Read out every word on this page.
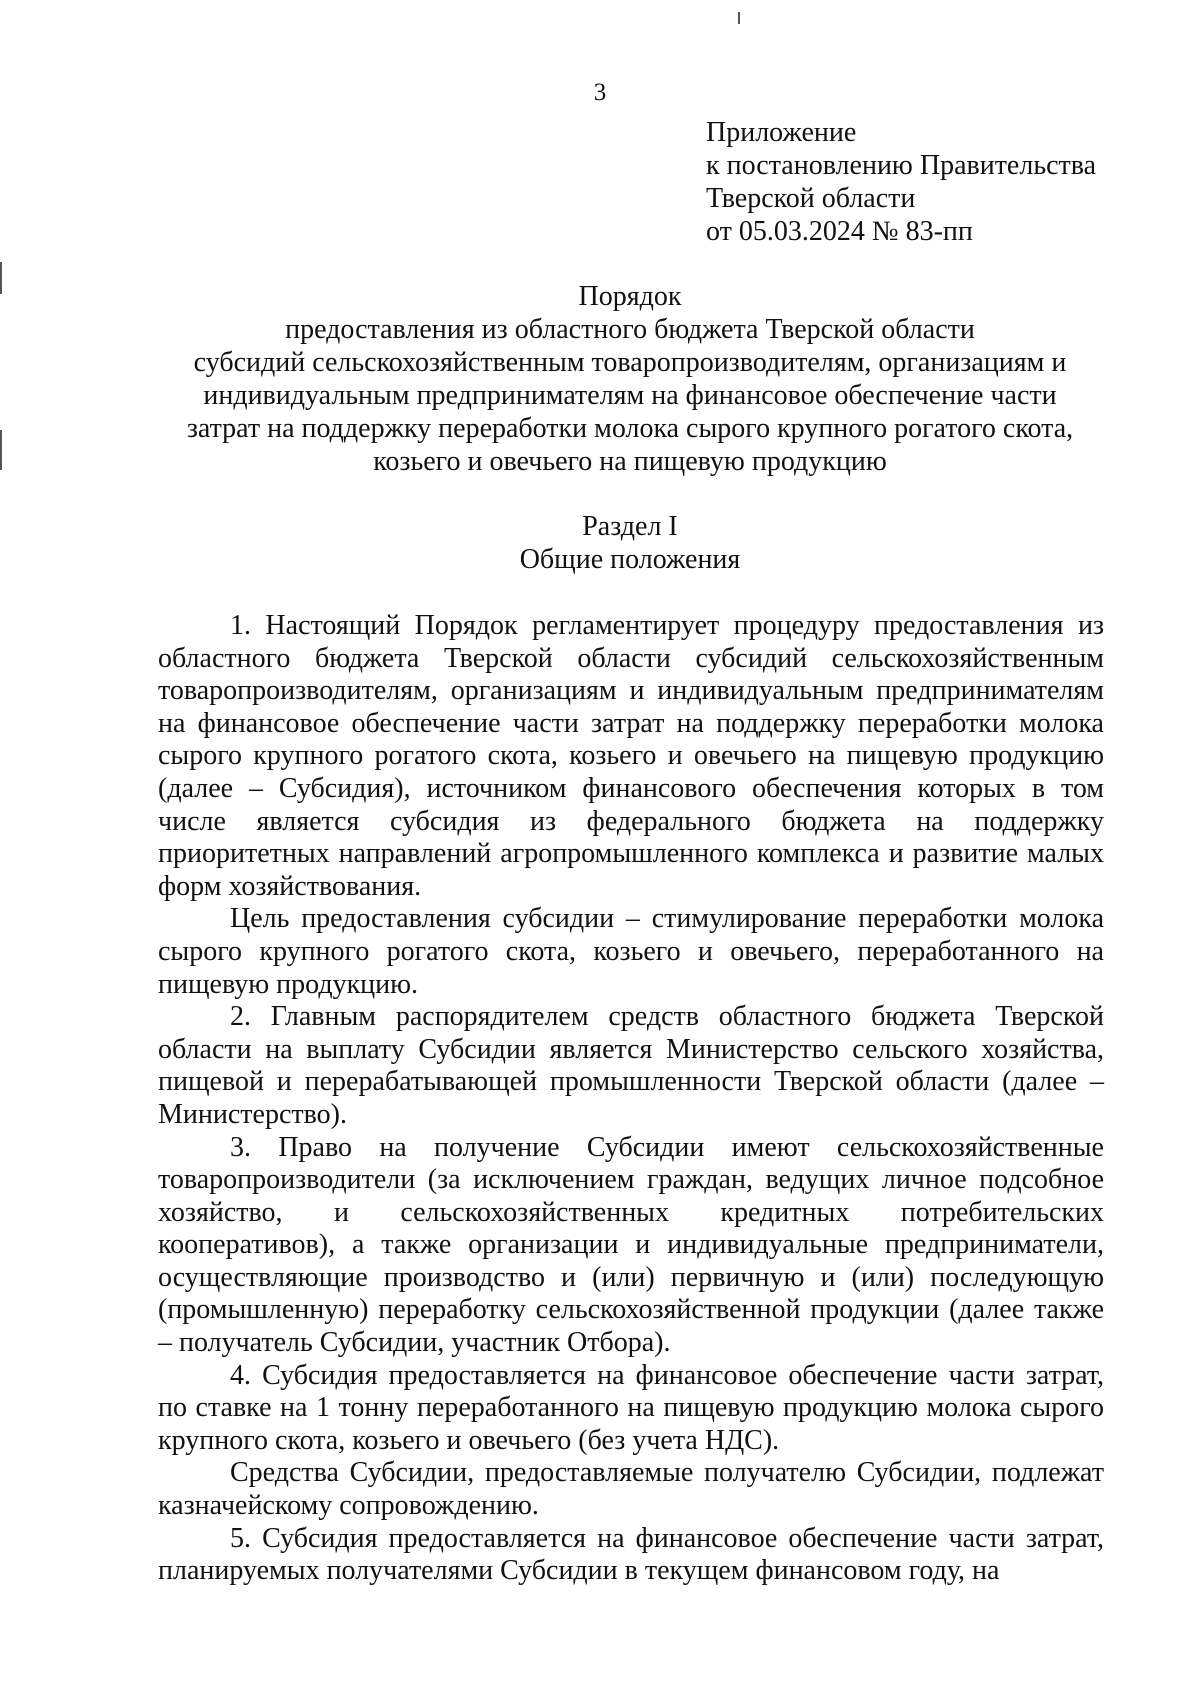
3
Приложение
к постановлению Правительства
Тверской области
от 05.03.2024 № 83-пп
Порядок
предоставления из областного бюджета Тверской области
субсидий сельскохозяйственным товаропроизводителям, организациям и
индивидуальным предпринимателям на финансовое обеспечение части
затрат на поддержку переработки молока сырого крупного рогатого скота,
козьего и овечьего на пищевую продукцию
Раздел I
Общие положения

1. Настоящий Порядок регламентирует процедуру предоставления из областного бюджета Тверской области субсидий сельскохозяйственным товаропроизводителям, организациям и индивидуальным предпринимателям на финансовое обеспечение части затрат на поддержку переработки молока сырого крупного рогатого скота, козьего и овечьего на пищевую продукцию (далее – Субсидия), источником финансового обеспечения которых в том числе является субсидия из федерального бюджета на поддержку приоритетных направлений агропромышленного комплекса и развитие малых форм хозяйствования.

Цель предоставления субсидии – стимулирование переработки молока сырого крупного рогатого скота, козьего и овечьего, переработанного на пищевую продукцию.

2. Главным распорядителем средств областного бюджета Тверской области на выплату Субсидии является Министерство сельского хозяйства, пищевой и перерабатывающей промышленности Тверской области (далее – Министерство).

3. Право на получение Субсидии имеют сельскохозяйственные товаропроизводители (за исключением граждан, ведущих личное подсобное хозяйство, и сельскохозяйственных кредитных потребительских кооперативов), а также организации и индивидуальные предприниматели, осуществляющие производство и (или) первичную и (или) последующую (промышленную) переработку сельскохозяйственной продукции (далее также – получатель Субсидии, участник Отбора).

4. Субсидия предоставляется на финансовое обеспечение части затрат, по ставке на 1 тонну переработанного на пищевую продукцию молока сырого крупного скота, козьего и овечьего (без учета НДС).

Средства Субсидии, предоставляемые получателю Субсидии, подлежат казначейскому сопровождению.

5. Субсидия предоставляется на финансовое обеспечение части затрат, планируемых получателями Субсидии в текущем финансовом году, на
